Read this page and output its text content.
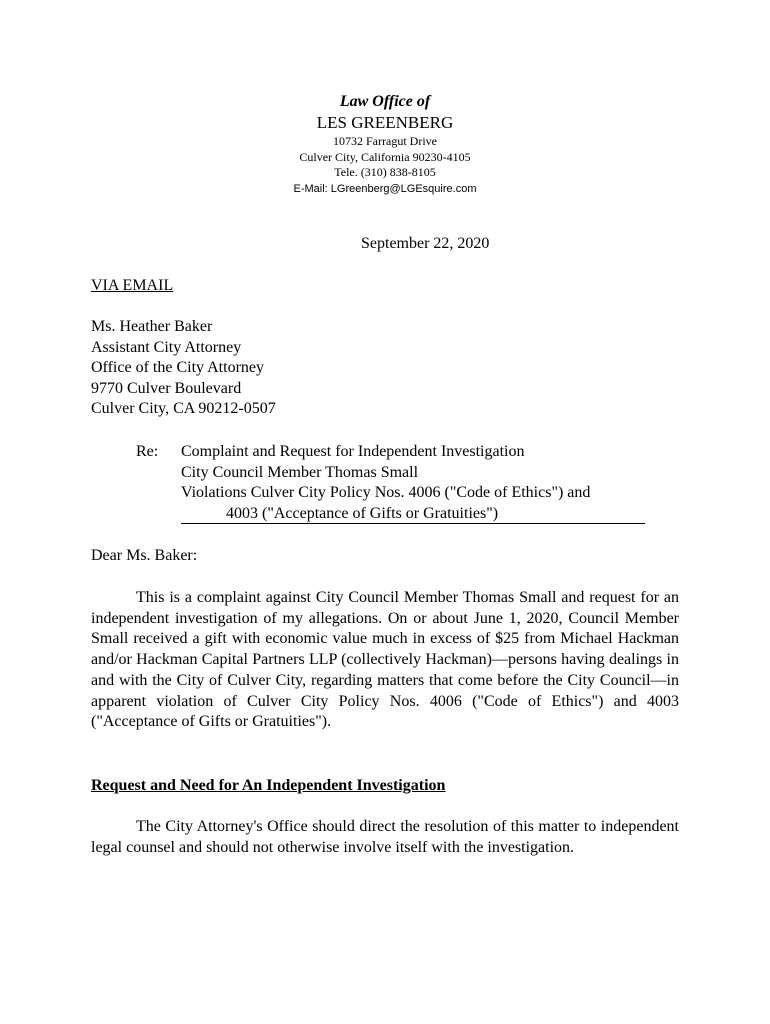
Law Office of
LES GREENBERG
10732 Farragut Drive
Culver City, California 90230-4105
Tele. (310) 838-8105
E-Mail: LGreenberg@LGEsquire.com
September 22, 2020
VIA EMAIL
Ms. Heather Baker
Assistant City Attorney
Office of the City Attorney
9770 Culver Boulevard
Culver City, CA 90212-0507
Re: Complaint and Request for Independent Investigation
City Council Member Thomas Small
Violations Culver City Policy Nos. 4006 ("Code of Ethics") and
4003 ("Acceptance of Gifts or Gratuities")
Dear Ms. Baker:
This is a complaint against City Council Member Thomas Small and request for an independent investigation of my allegations. On or about June 1, 2020, Council Member Small received a gift with economic value much in excess of $25 from Michael Hackman and/or Hackman Capital Partners LLP (collectively Hackman)—persons having dealings in and with the City of Culver City, regarding matters that come before the City Council—in apparent violation of Culver City Policy Nos. 4006 ("Code of Ethics") and 4003 ("Acceptance of Gifts or Gratuities").
Request and Need for An Independent Investigation
The City Attorney's Office should direct the resolution of this matter to independent legal counsel and should not otherwise involve itself with the investigation.
